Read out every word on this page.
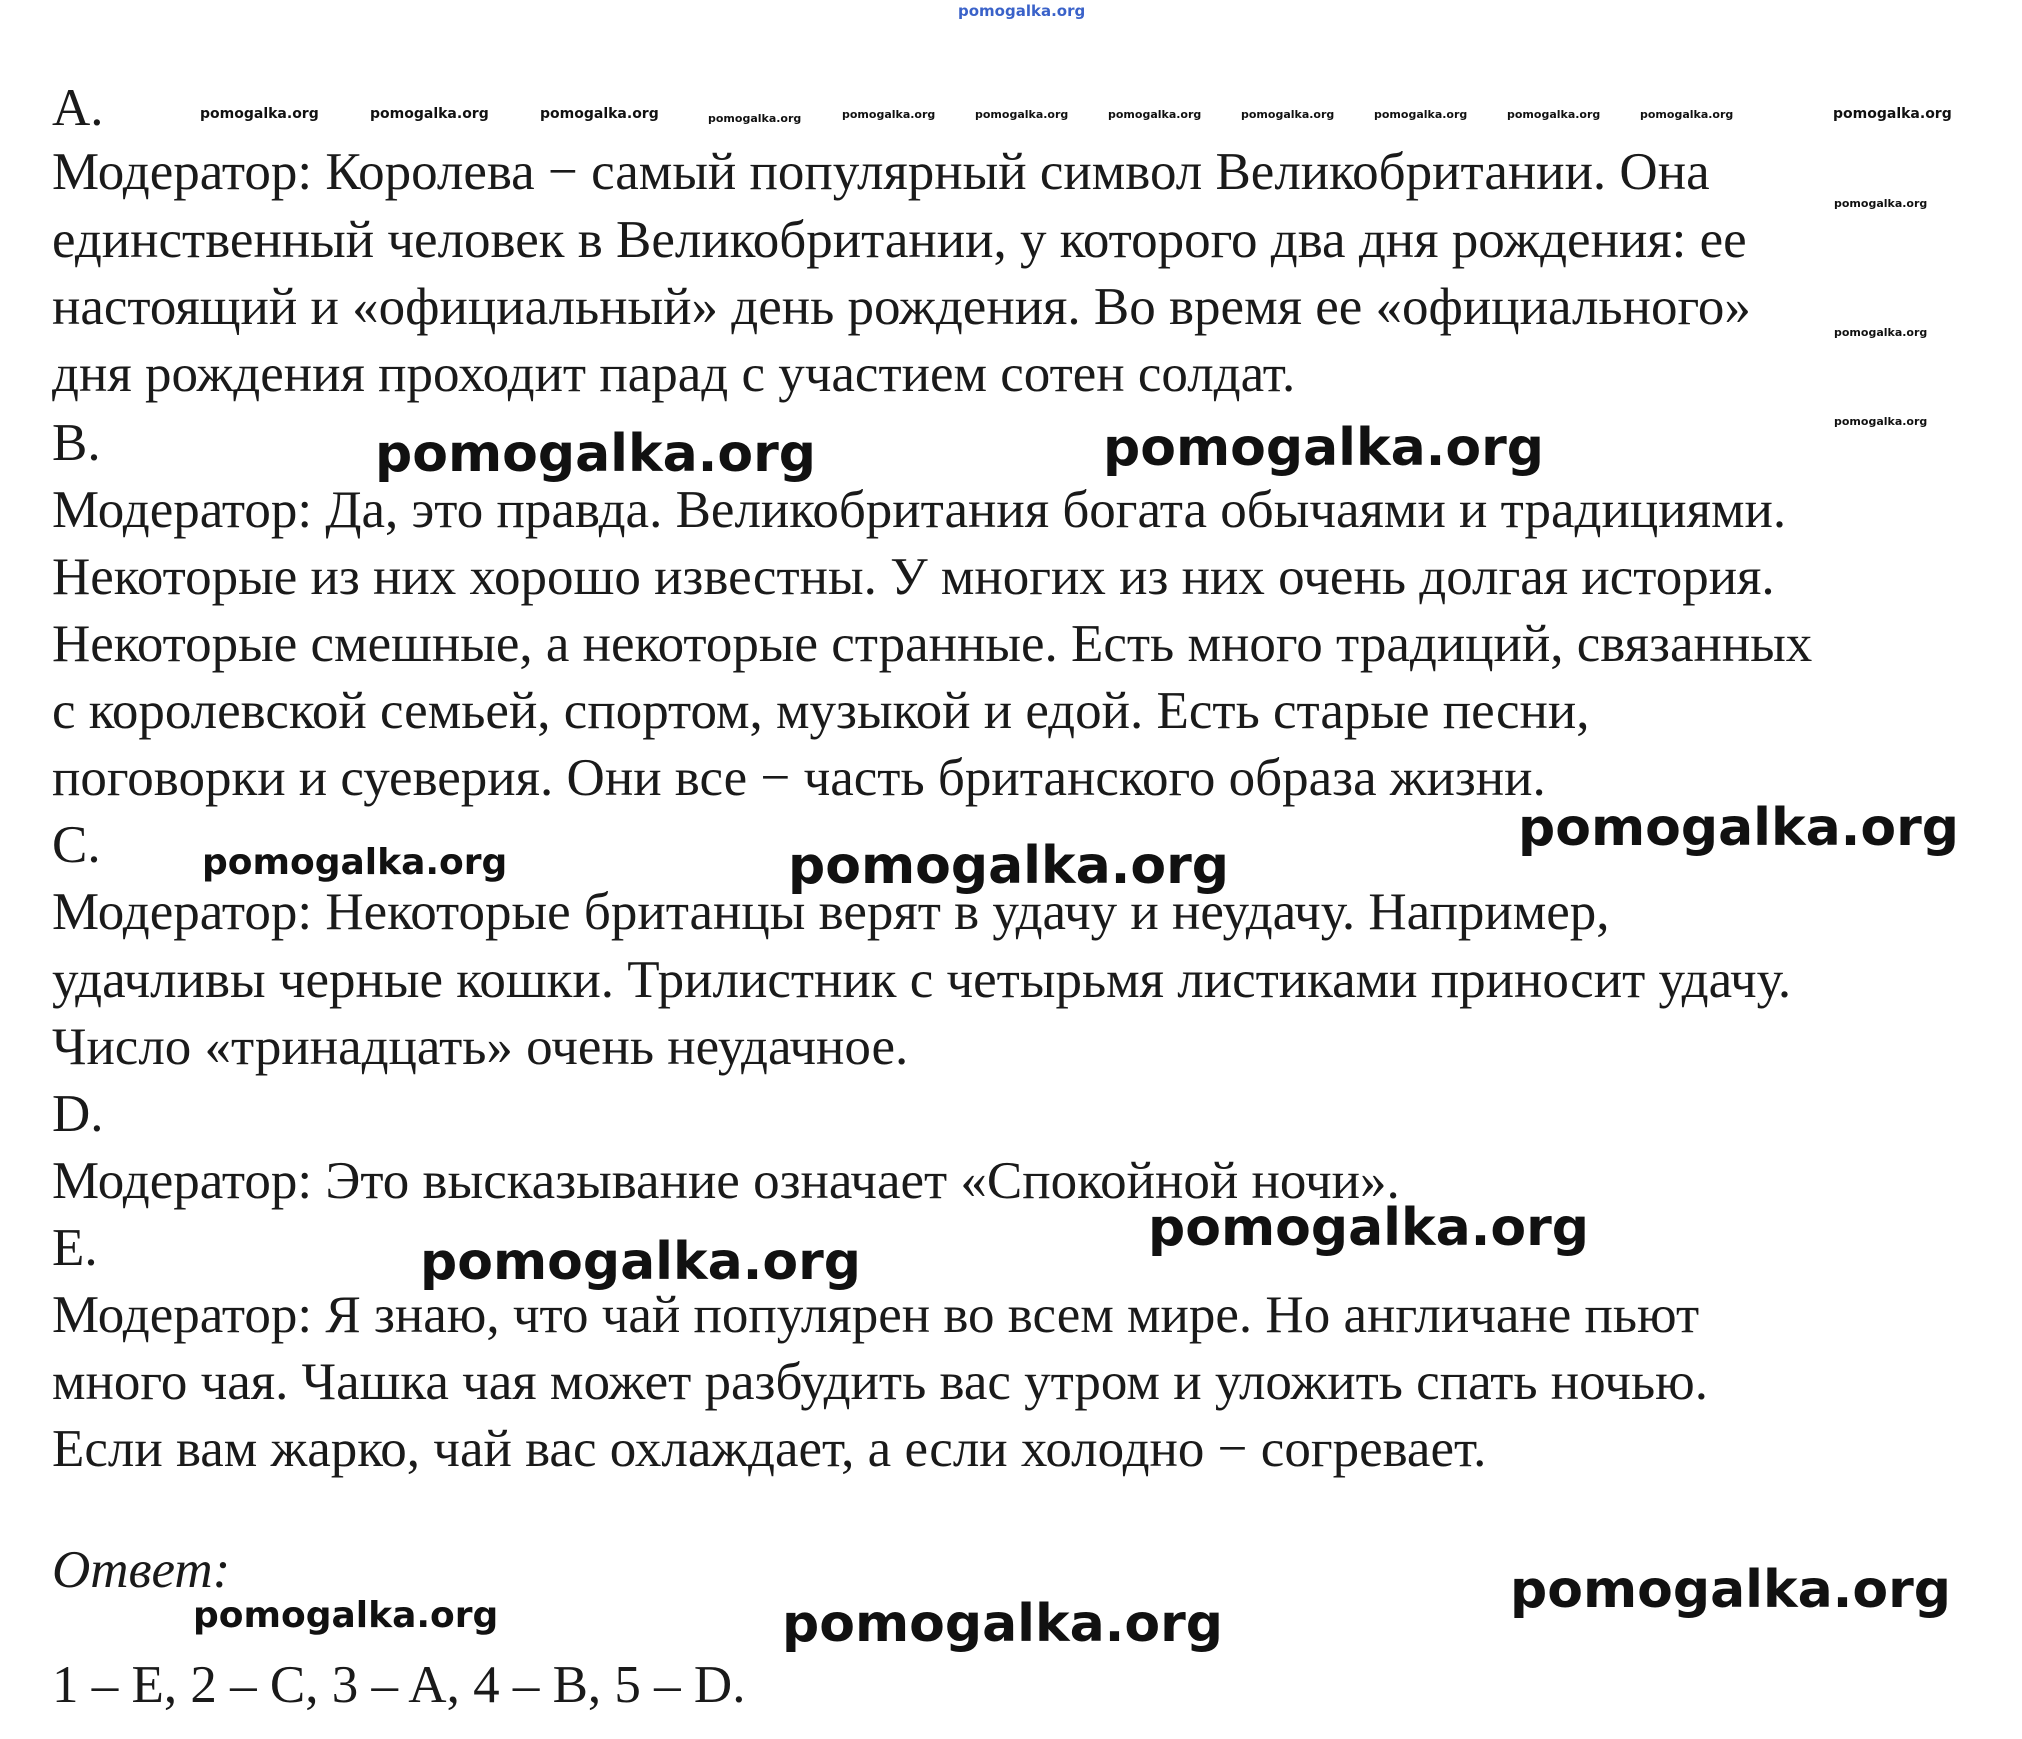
pomogalka.org
A.
Модератор: Королева − самый популярный символ Великобритании. Она
единственный человек в Великобритании, у которого два дня рождения: ее
настоящий и «официальный» день рождения. Во время ее «официального»
дня рождения проходит парад с участием сотен солдат.
B.
Модератор: Да, это правда. Великобритания богата обычаями и традициями.
Некоторые из них хорошо известны. У многих из них очень долгая история.
Некоторые смешные, а некоторые странные. Есть много традиций, связанных
с королевской семьей, спортом, музыкой и едой. Есть старые песни,
поговорки и суеверия. Они все − часть британского образа жизни.
C.
Модератор: Некоторые британцы верят в удачу и неудачу. Например,
удачливы черные кошки. Трилистник с четырьмя листиками приносит удачу.
Число «тринадцать» очень неудачное.
D.
Модератор: Это высказывание означает «Спокойной ночи».
E.
Модератор: Я знаю, что чай популярен во всем мире. Но англичане пьют
много чая. Чашка чая может разбудить вас утром и уложить спать ночью.
Если вам жарко, чай вас охлаждает, а если холодно − согревает.
Ответ:
1 – E, 2 – C, 3 – A, 4 – B, 5 – D.
pomogalka.org	pomogalka.org	pomogalka.org	pomogalka.org	pomogalka.org	pomogalka.org	pomogalka.org	pomogalka.org	pomogalka.org	pomogalka.org	pomogalka.org	pomogalka.org
pomogalka.org
pomogalka.org
pomogalka.org
pomogalka.org	pomogalka.org
pomogalka.org
pomogalka.org	pomogalka.org
pomogalka.org
pomogalka.org
pomogalka.org
pomogalka.org	pomogalka.org
